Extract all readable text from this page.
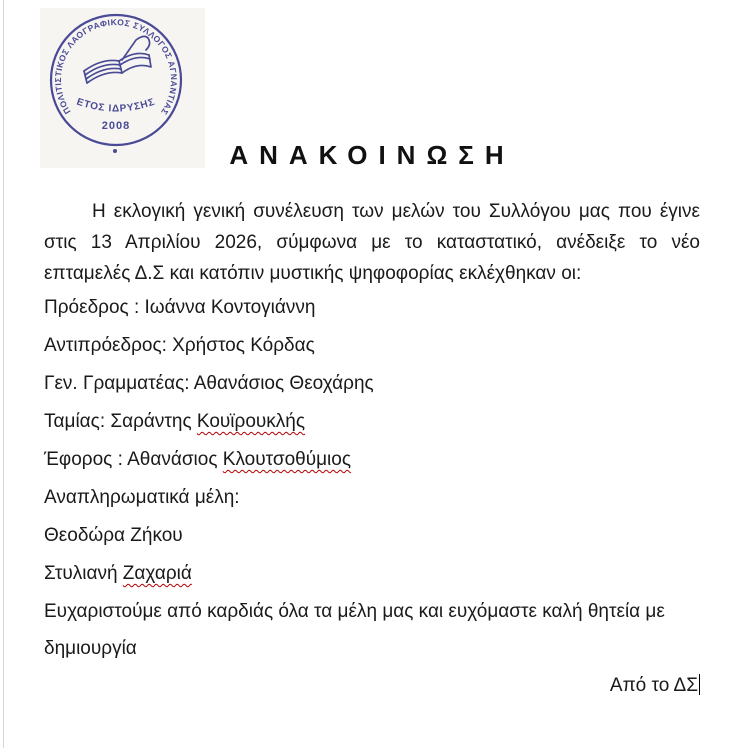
ΠΟΛΙΤΙΣΤΙΚΟΣ ΛΑΟΓΡΑΦΙΚΟΣ ΣΥΛΛΟΓΟΣ ΑΓΝΑΝΤΙΑΣ
ΕΤΟΣ ΙΔΡΥΣΗΣ
2008
ΑΝΑΚΟΙΝΩΣΗ
Η εκλογική γενική συνέλευση των μελών του Συλλόγου μας που έγινε στις 13 Απριλίου 2026, σύμφωνα με το καταστατικό, ανέδειξε το νέο επταμελές Δ.Σ και κατόπιν μυστικής ψηφοφορίας εκλέχθηκαν οι:
Πρόεδρος : Ιωάννα Κοντογιάννη
Αντιπρόεδρος: Χρήστος Κόρδας
Γεν. Γραμματέας: Αθανάσιος Θεοχάρης
Ταμίας: Σαράντης Κουϊρουκλής
Έφορος : Αθανάσιος Κλουτσοθύμιος
Αναπληρωματικά μέλη:
Θεοδώρα Ζήκου
Στυλιανή Ζαχαριά
Ευχαριστούμε από καρδιάς όλα τα μέλη μας και ευχόμαστε καλή θητεία με δημιουργία
Από το ΔΣ
